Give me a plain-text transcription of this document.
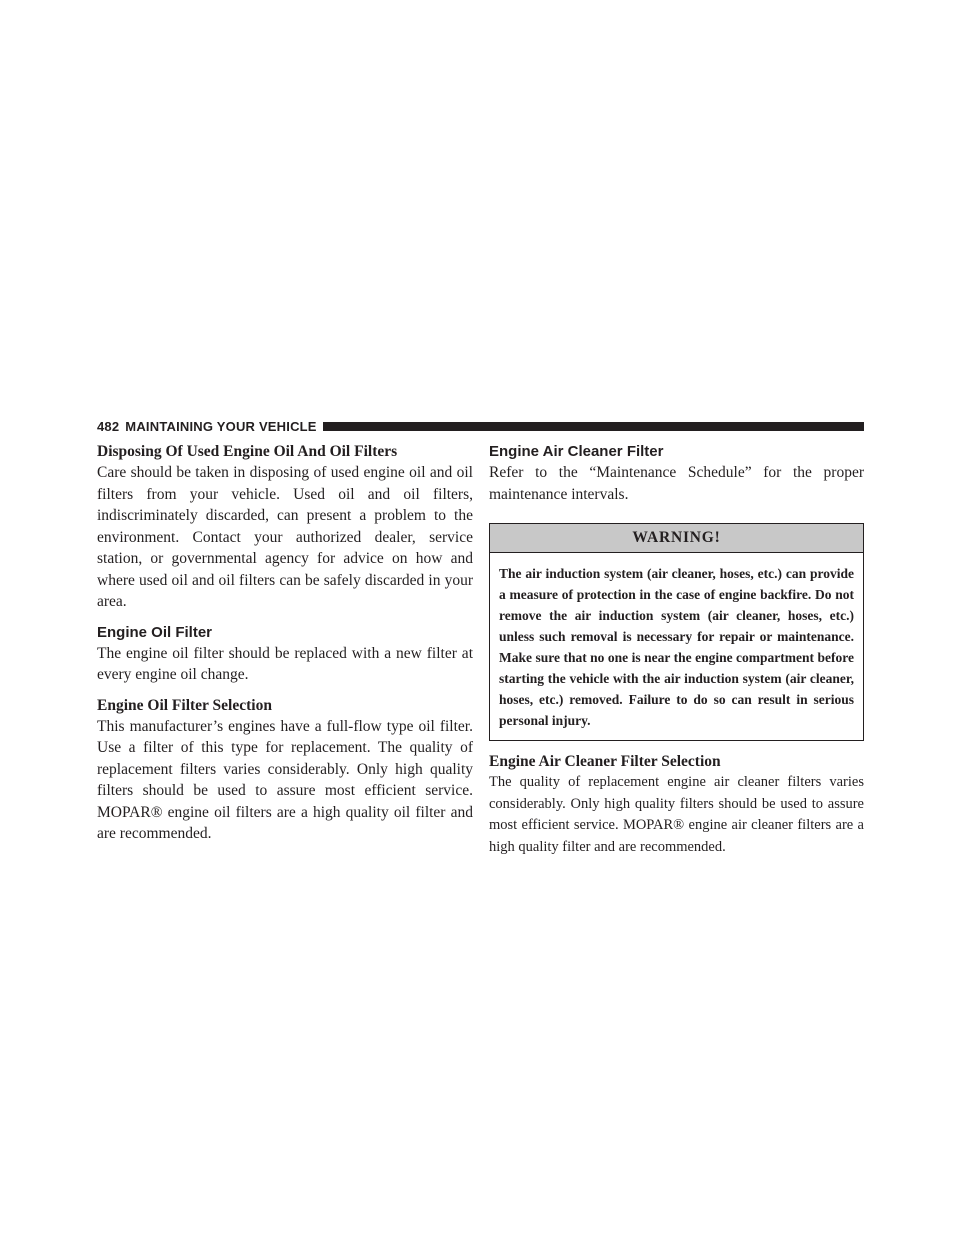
482 MAINTAINING YOUR VEHICLE
Disposing Of Used Engine Oil And Oil Filters

Care should be taken in disposing of used engine oil and oil filters from your vehicle. Used oil and oil filters, indiscriminately discarded, can present a problem to the environment. Contact your authorized dealer, service station, or governmental agency for advice on how and where used oil and oil filters can be safely discarded in your area.

Engine Oil Filter

The engine oil filter should be replaced with a new filter at every engine oil change.

Engine Oil Filter Selection

This manufacturer’s engines have a full-flow type oil filter. Use a filter of this type for replacement. The quality of replacement filters varies considerably. Only high quality filters should be used to assure most efficient service. MOPAR® engine oil filters are a high quality oil filter and are recommended.

Engine Air Cleaner Filter

Refer to the “Maintenance Schedule” for the proper maintenance intervals.

WARNING!
The air induction system (air cleaner, hoses, etc.) can provide a measure of protection in the case of engine backfire. Do not remove the air induction system (air cleaner, hoses, etc.) unless such removal is necessary for repair or maintenance. Make sure that no one is near the engine compartment before starting the vehicle with the air induction system (air cleaner, hoses, etc.) removed. Failure to do so can result in serious personal injury.
Engine Air Cleaner Filter Selection

The quality of replacement engine air cleaner filters varies considerably. Only high quality filters should be used to assure most efficient service. MOPAR® engine air cleaner filters are a high quality filter and are recommended.
